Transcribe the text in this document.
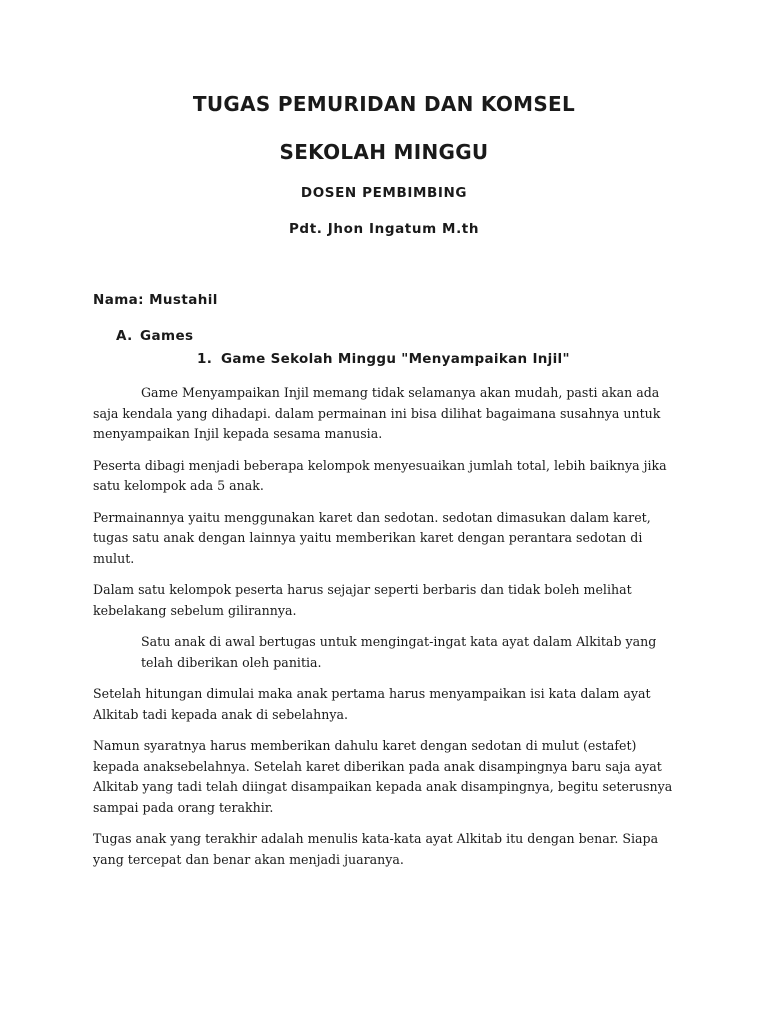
TUGAS PEMURIDAN DAN KOMSEL
SEKOLAH MINGGU
DOSEN PEMBIMBING
Pdt. Jhon Ingatum M.th
Nama: Mustahil
A. Games
1. Game Sekolah Minggu "Menyampaikan Injil"

Game Menyampaikan Injil memang tidak selamanya akan mudah, pasti akan ada saja kendala yang dihadapi. dalam permainan ini bisa dilihat bagaimana susahnya untuk menyampaikan Injil kepada sesama manusia.

Peserta dibagi menjadi beberapa kelompok menyesuaikan jumlah total, lebih baiknya jika satu kelompok ada 5 anak.

Permainannya yaitu menggunakan karet dan sedotan. sedotan dimasukan dalam karet, tugas satu anak dengan lainnya yaitu memberikan karet dengan perantara sedotan di mulut.

Dalam satu kelompok peserta harus sejajar seperti berbaris dan tidak boleh melihat kebelakang sebelum gilirannya.

Satu anak di awal bertugas untuk mengingat-ingat kata ayat dalam Alkitab yang telah diberikan oleh panitia.

Setelah hitungan dimulai maka anak pertama harus menyampaikan isi kata dalam ayat Alkitab tadi kepada anak di sebelahnya.

Namun syaratnya harus memberikan dahulu karet dengan sedotan di mulut (estafet) kepada anaksebelahnya. Setelah karet diberikan pada anak disampingnya baru saja ayat Alkitab yang tadi telah diingat disampaikan kepada anak disampingnya, begitu seterusnya sampai pada orang terakhir.

Tugas anak yang terakhir adalah menulis kata-kata ayat Alkitab itu dengan benar. Siapa yang tercepat dan benar akan menjadi juaranya.
